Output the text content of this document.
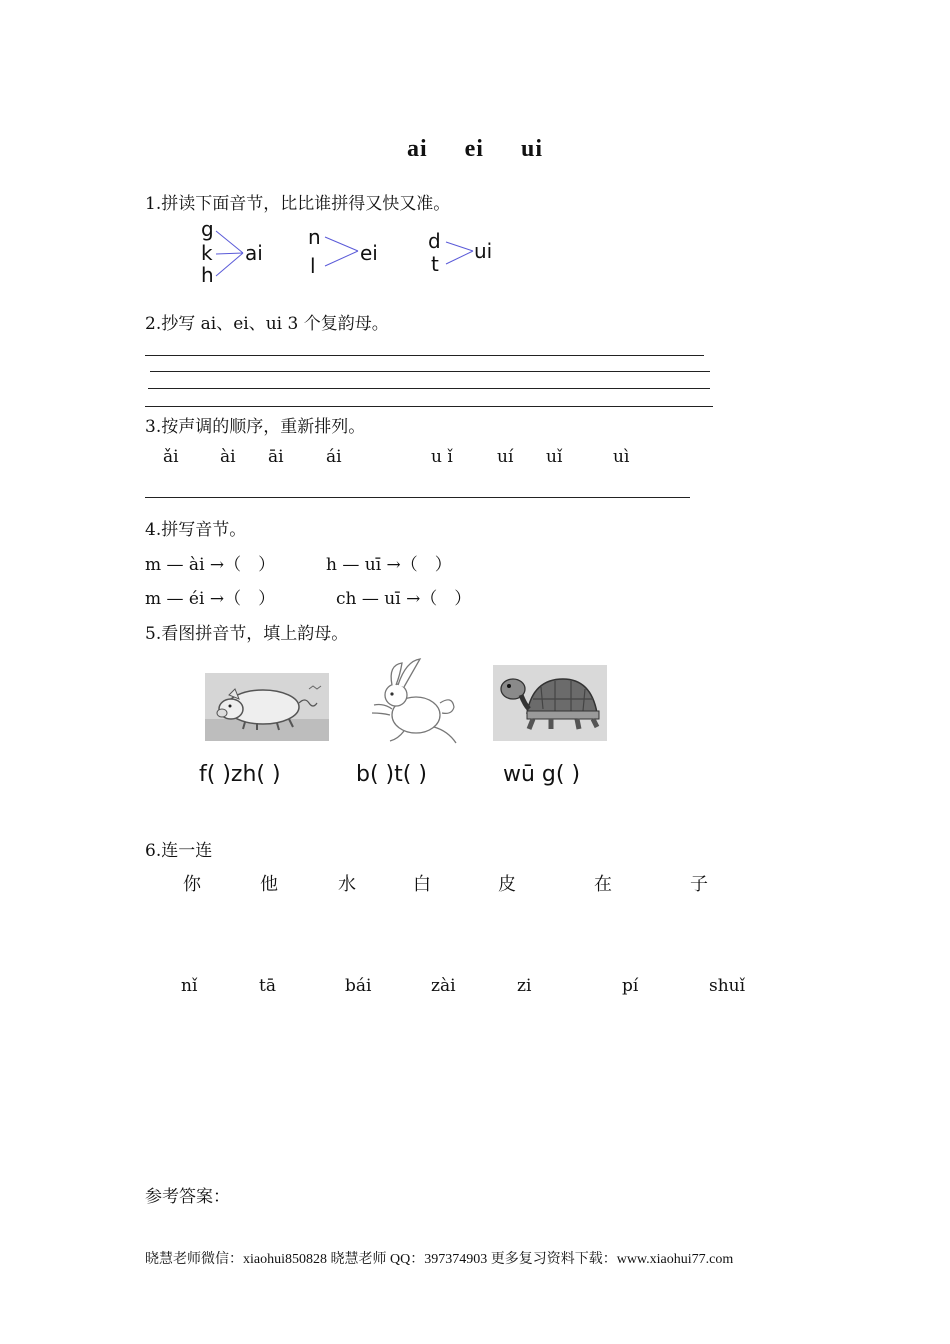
ai ei ui
1.拼读下面音节，比比谁拼得又快又准。
g
k
h
ai
n
l
ei	d
t
ui
2.抄写 ai、ei、ui 3 个复韵母。
3.按声调的顺序，重新排列。
ǎi ài āi ái	u ǐ	uí uǐ	uì
4.拼写音节。
m — ài →（　）	h — uī →（　）
m — éi →（　）	ch — uī →（　）
5.看图拼音节，填上韵母。
f( )zh( )	b( )t( )	wū g( )
6.连一连
你	他	水	白	皮	在	子
nǐ	tā	bái	zài	zi	pí	shuǐ
参考答案：
晓慧老师微信：xiaohui850828 晓慧老师 QQ：397374903 更多复习资料下载：www.xiaohui77.com
